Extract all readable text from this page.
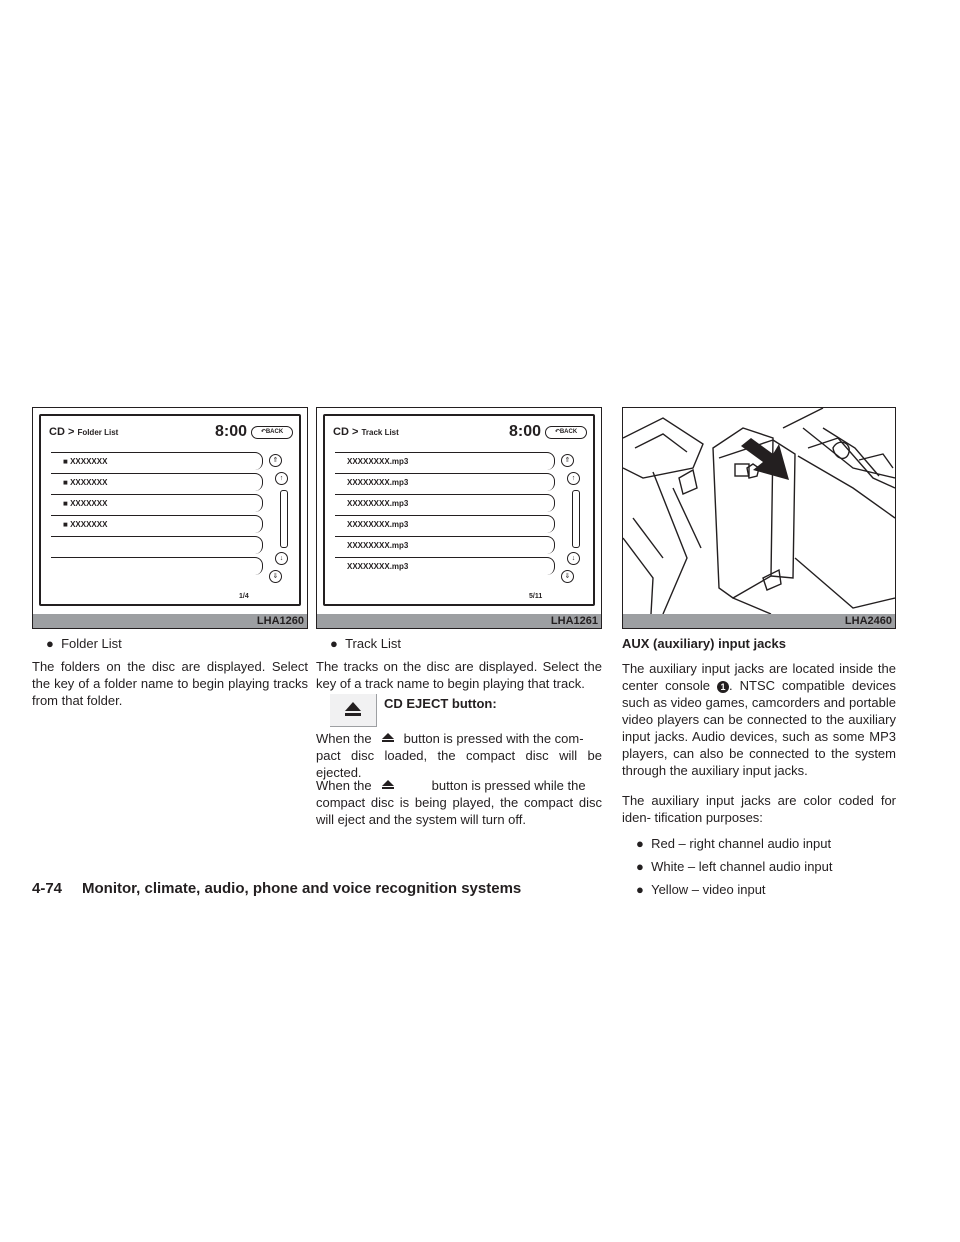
CD > Folder List	8:00	↶BACK
■ XXXXXXX
■ XXXXXXX
■ XXXXXXX
■ XXXXXXX
⇑
↑
↓
⇓
1/4
LHA1260
CD > Track List	8:00	↶BACK
XXXXXXXX.mp3
XXXXXXXX.mp3
XXXXXXXX.mp3
XXXXXXXX.mp3
XXXXXXXX.mp3
XXXXXXXX.mp3
⇑
↑
↓
⇓
5/11
LHA1261	LHA2460
● Folder List
The folders on the disc are displayed. Select the key of a folder name to begin playing tracks from that folder.
● Track List
The tracks on the disc are displayed. Select the key of a track name to begin playing that track.
CD EJECT button:
When the button is pressed with the com-
pact disc loaded, the compact disc will be ejected.
When the	button is pressed while the
compact disc is being played, the compact disc will eject and the system will turn off.
AUX (auxiliary) input jacks
The auxiliary input jacks are located inside the center console 1 . NTSC compatible devices such as video games, camcorders and portable video players can be connected to the auxiliary input jacks. Audio devices, such as some MP3 players, can also be connected to the system through the auxiliary input jacks.
The auxiliary input jacks are color coded for iden- tification purposes:
● Red – right channel audio input
● White – left channel audio input
● Yellow – video input
4-74 Monitor, climate, audio, phone and voice recognition systems
